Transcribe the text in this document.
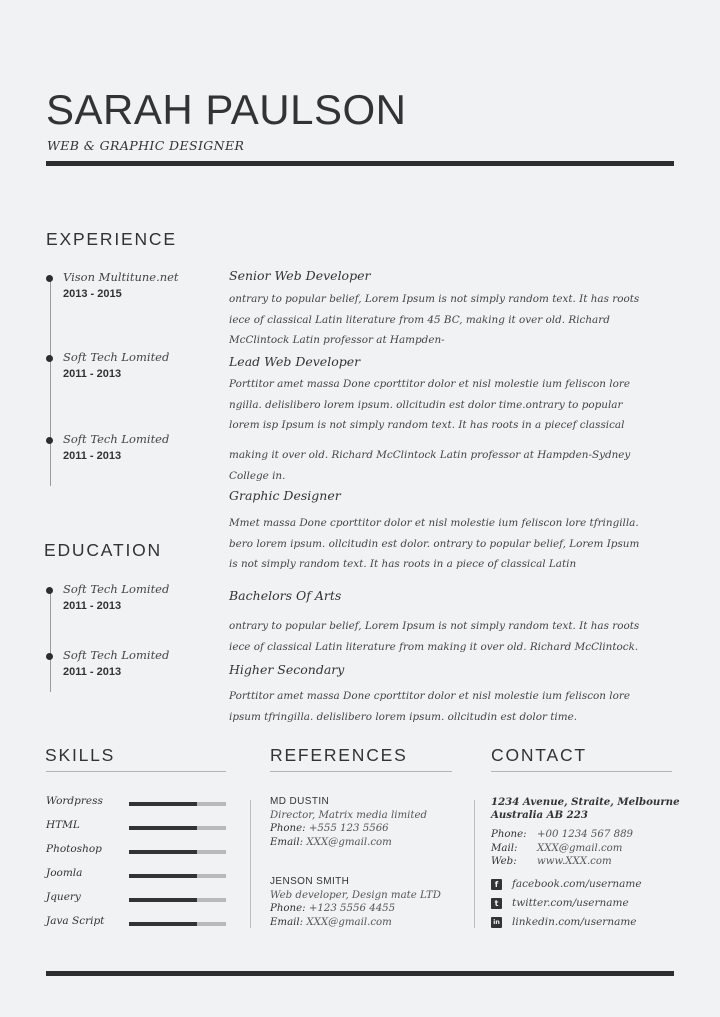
SARAH PAULSON
WEB & GRAPHIC DESIGNER
EXPERIENCE
Vison Multitune.net
2013 - 2015
Soft Tech Lomited
2011 - 2013
Soft Tech Lomited
2011 - 2013
EDUCATION
Soft Tech Lomited
2011 - 2013
Soft Tech Lomited
2011 - 2013
Senior Web Developer
ontrary to popular belief, Lorem Ipsum is not simply random text. It has roots
iece of classical Latin literature from 45 BC, making it over old. Richard
McClintock Latin professor at Hampden-
Lead Web Developer
Porttitor amet massa Done cporttitor dolor et nisl molestie ium feliscon lore
ngilla. delislibero lorem ipsum. ollcitudin est dolor time.ontrary to popular
lorem isp Ipsum is not simply random text. It has roots in a piecef classical
making it over old. Richard McClintock Latin professor at Hampden-Sydney
College in.
Graphic Designer
Mmet massa Done cporttitor dolor et nisl molestie ium feliscon lore tfringilla.
bero lorem ipsum. ollcitudin est dolor. ontrary to popular belief, Lorem Ipsum
is not simply random text. It has roots in a piece of classical Latin
Bachelors Of Arts
ontrary to popular belief, Lorem Ipsum is not simply random text. It has roots
iece of classical Latin literature from making it over old. Richard McClintock.
Higher Secondary
Porttitor amet massa Done cporttitor dolor et nisl molestie ium feliscon lore
ipsum tfringilla. delislibero lorem ipsum. ollcitudin est dolor time.
SKILLS	REFERENCES	CONTACT
Wordpress
HTML
Photoshop
Joomla
Jquery
Java Script
MD DUSTIN
Director, Matrix media limited
Phone: +555 123 5566
Email: XXX@gmail.com
JENSON SMITH
Web developer, Design mate LTD
Phone: +123 5556 4455
Email: XXX@gmail.com
1234 Avenue, Straite, Melbourne
Australia AB 223
Phone: +00 1234 567 889
Mail: XXX@gmail.com
Web: www.XXX.com
f	facebook.com/username
t	twitter.com/username
in linkedin.com/username
